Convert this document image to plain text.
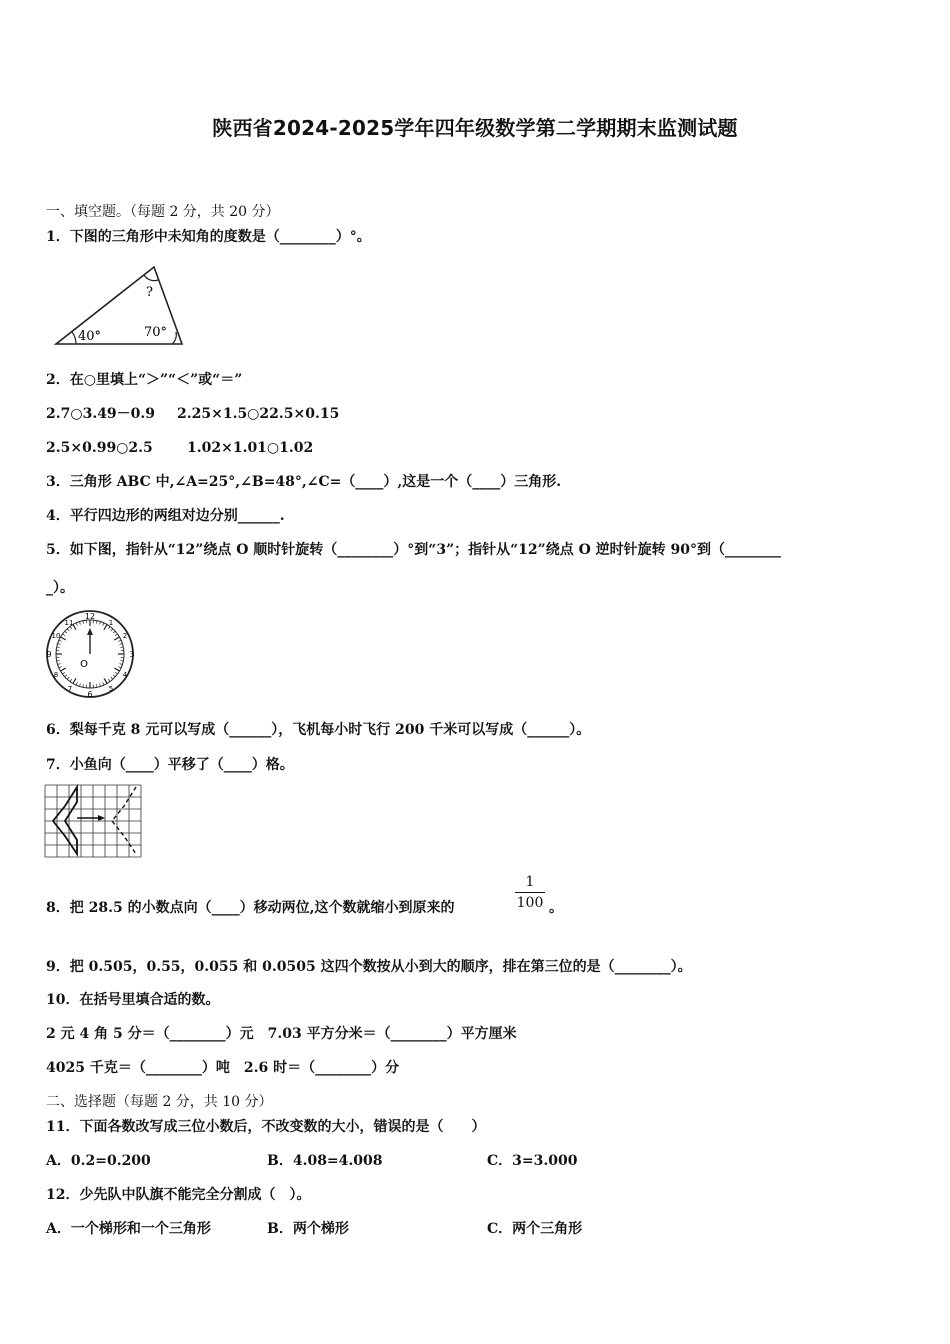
陕西省2024-2025学年四年级数学第二学期期末监测试题
一、填空题。（每题 2 分，共 20 分）
1．下图的三角形中未知角的度数是（________）°。
40°	70°
?
2．在○里填上“＞”“＜”或“＝”
2.7○3.49－0.9 2.25×1.5○22.5×0.15
2.5×0.99○2.5 1.02×1.01○1.02
3．三角形 ABC 中,∠A=25°,∠B=48°,∠C=（____）,这是一个（____）三角形.
4．平行四边形的两组对边分别______.
5．如下图，指针从“12”绕点 O 顺时针旋转（________）°到“3”；指针从“12”绕点 O 逆时针旋转 90°到（________
_）。
12
3
6
9
1
2
4
5
7
8
10
11
O
6．梨每千克 8 元可以写成（______），飞机每小时飞行 200 千米可以写成（______）。
7．小鱼向（____）平移了（____）格。
8．把 28.5 的小数点向（____）移动两位,这个数就缩小到原来的
1
100 。
9．把 0.505，0.55，0.055 和 0.0505 这四个数按从小到大的顺序，排在第三位的是（________）。
10．在括号里填合适的数。
2 元 4 角 5 分＝（________）元　7.03 平方分米＝（________）平方厘米
4025 千克＝（________）吨　2.6 时＝（________）分
二、选择题（每题 2 分，共 10 分）
11．下面各数改写成三位小数后，不改变数的大小，错误的是（　　）
A．0.2=0.200	B．4.08=4.008	C．3=3.000
12．少先队中队旗不能完全分割成（　）。
A．一个梯形和一个三角形	B．两个梯形	C．两个三角形
